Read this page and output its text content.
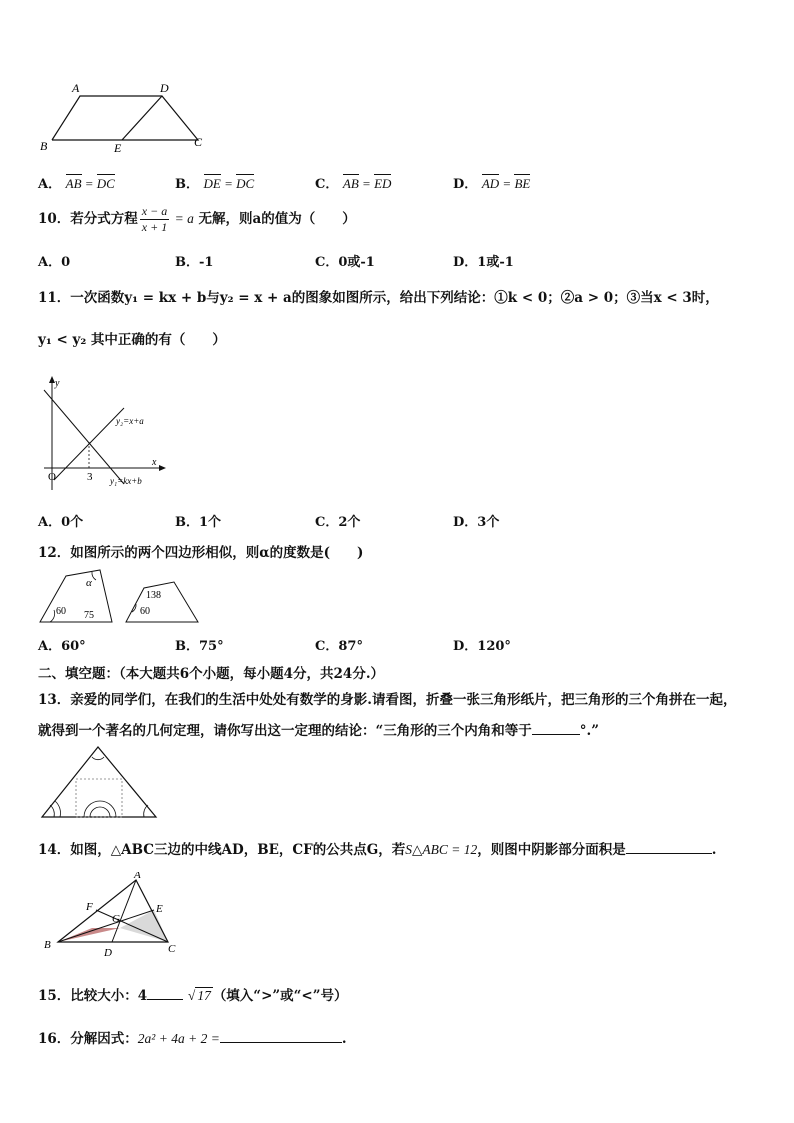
A	D
B	E	C
A． AB = DC	B． DE = DC	C． AB = ED	D． AD = BE
10．若分式方程 $\frac{x - a}{x + 1} = a$ 无解，则a的值为（　　）
A．0	B．-1	C．0或-1	D．1或-1
11．一次函数y₁ = kx + b与y₂ = x + a的图象如图所示，给出下列结论：①k < 0；②a > 0；③当x < 3时，
y₁ < y₂ 其中正确的有（　　）
y
x
O	3
y₂=x+a
y₁=kx+b
A．0个	B．1个	C．2个	D．3个
12．如图所示的两个四边形相似，则α的度数是(　　)
α
60 75
138
60
A．60°	B．75°	C．87°	D．120°
二、填空题：（本大题共6个小题，每小题4分，共24分.）
13．亲爱的同学们，在我们的生活中处处有数学的身影.请看图，折叠一张三角形纸片，把三角形的三个角拼在一起，
就得到一个著名的几何定理，请你写出这一定理的结论：“三角形的三个内角和等于	°.”
14．如图，△ABC三边的中线AD，BE，CF的公共点G，若S△ABC = 12，则图中阴影部分面积是	.
A
F	E
G
B
D	C
15．比较大小：4	√ 17 （填入“>”或“<”号）
16．分解因式：2a² + 4a + 2 =	.
